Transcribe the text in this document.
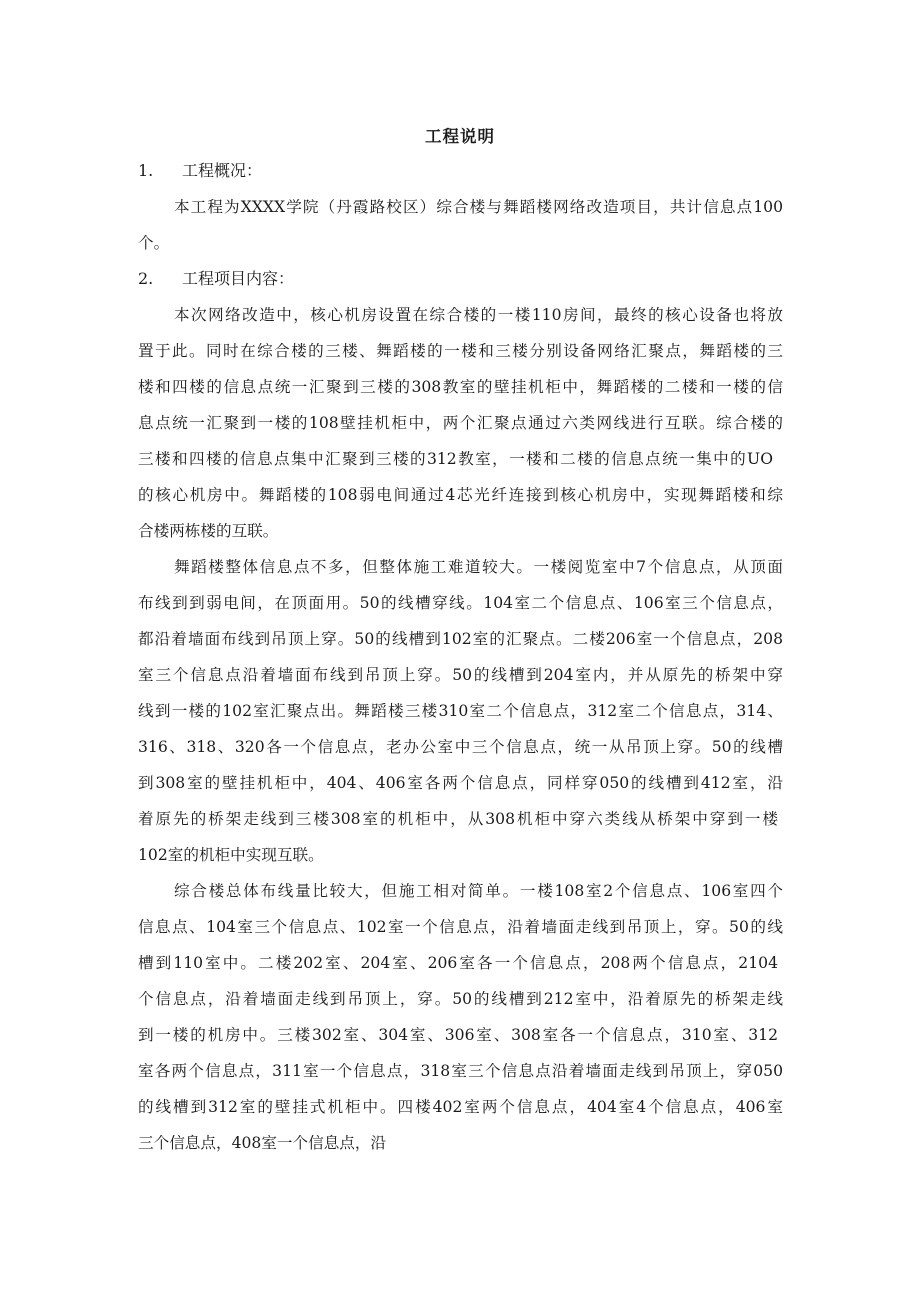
工程说明
1. 工程概况：
本工程为XXXX学院（丹霞路校区）综合楼与舞蹈楼网络改造项目，共计信息点100
个。
2. 工程项目内容：
本次网络改造中，核心机房设置在综合楼的一楼110房间，最终的核心设备也将放
置于此。同时在综合楼的三楼、舞蹈楼的一楼和三楼分别设备网络汇聚点，舞蹈楼的三
楼和四楼的信息点统一汇聚到三楼的308教室的壁挂机柜中，舞蹈楼的二楼和一楼的信
息点统一汇聚到一楼的108壁挂机柜中，两个汇聚点通过六类网线进行互联。综合楼的
三楼和四楼的信息点集中汇聚到三楼的312教室，一楼和二楼的信息点统一集中的UO
的核心机房中。舞蹈楼的108弱电间通过4芯光纤连接到核心机房中，实现舞蹈楼和综
合楼两栋楼的互联。
舞蹈楼整体信息点不多，但整体施工难道较大。一楼阅览室中7个信息点，从顶面
布线到到弱电间，在顶面用。50的线槽穿线。104室二个信息点、106室三个信息点，
都沿着墙面布线到吊顶上穿。50的线槽到102室的汇聚点。二楼206室一个信息点，208
室三个信息点沿着墙面布线到吊顶上穿。50的线槽到204室内，并从原先的桥架中穿
线到一楼的102室汇聚点出。舞蹈楼三楼310室二个信息点，312室二个信息点，314、
316、318、320各一个信息点，老办公室中三个信息点，统一从吊顶上穿。50的线槽
到308室的壁挂机柜中，404、406室各两个信息点，同样穿050的线槽到412室，沿
着原先的桥架走线到三楼308室的机柜中，从308机柜中穿六类线从桥架中穿到一楼
102室的机柜中实现互联。
综合楼总体布线量比较大，但施工相对简单。一楼108室2个信息点、106室四个
信息点、104室三个信息点、102室一个信息点，沿着墙面走线到吊顶上，穿。50的线
槽到110室中。二楼202室、204室、206室各一个信息点，208两个信息点，2104
个信息点，沿着墙面走线到吊顶上，穿。50的线槽到212室中，沿着原先的桥架走线
到一楼的机房中。三楼302室、304室、306室、308室各一个信息点，310室、312
室各两个信息点，311室一个信息点，318室三个信息点沿着墙面走线到吊顶上，穿050
的线槽到312室的壁挂式机柜中。四楼402室两个信息点，404室4个信息点，406室
三个信息点，408室一个信息点，沿
